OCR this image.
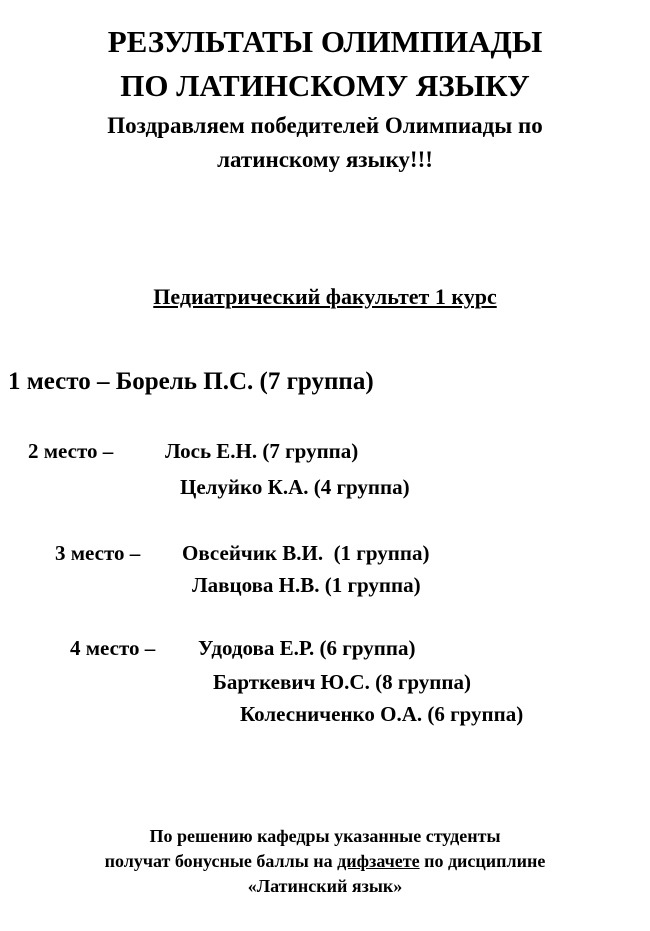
РЕЗУЛЬТАТЫ ОЛИМПИАДЫ
ПО ЛАТИНСКОМУ ЯЗЫКУ
Поздравляем победителей Олимпиады по
латинскому языку!!!
Педиатрический факультет 1 курс
1 место – Борель П.С. (7 группа)
2 место – Лось Е.Н. (7 группа)
Целуйко К.А. (4 группа)
3 место – Овсейчик В.И.  (1 группа)
Лавцова Н.В. (1 группа)
4 место – Удодова Е.Р. (6 группа)
Барткевич Ю.С. (8 группа)
Колесниченко О.А. (6 группа)
По решению кафедры указанные студенты
получат бонусные баллы на дифзачете по дисциплине
«Латинский язык»
